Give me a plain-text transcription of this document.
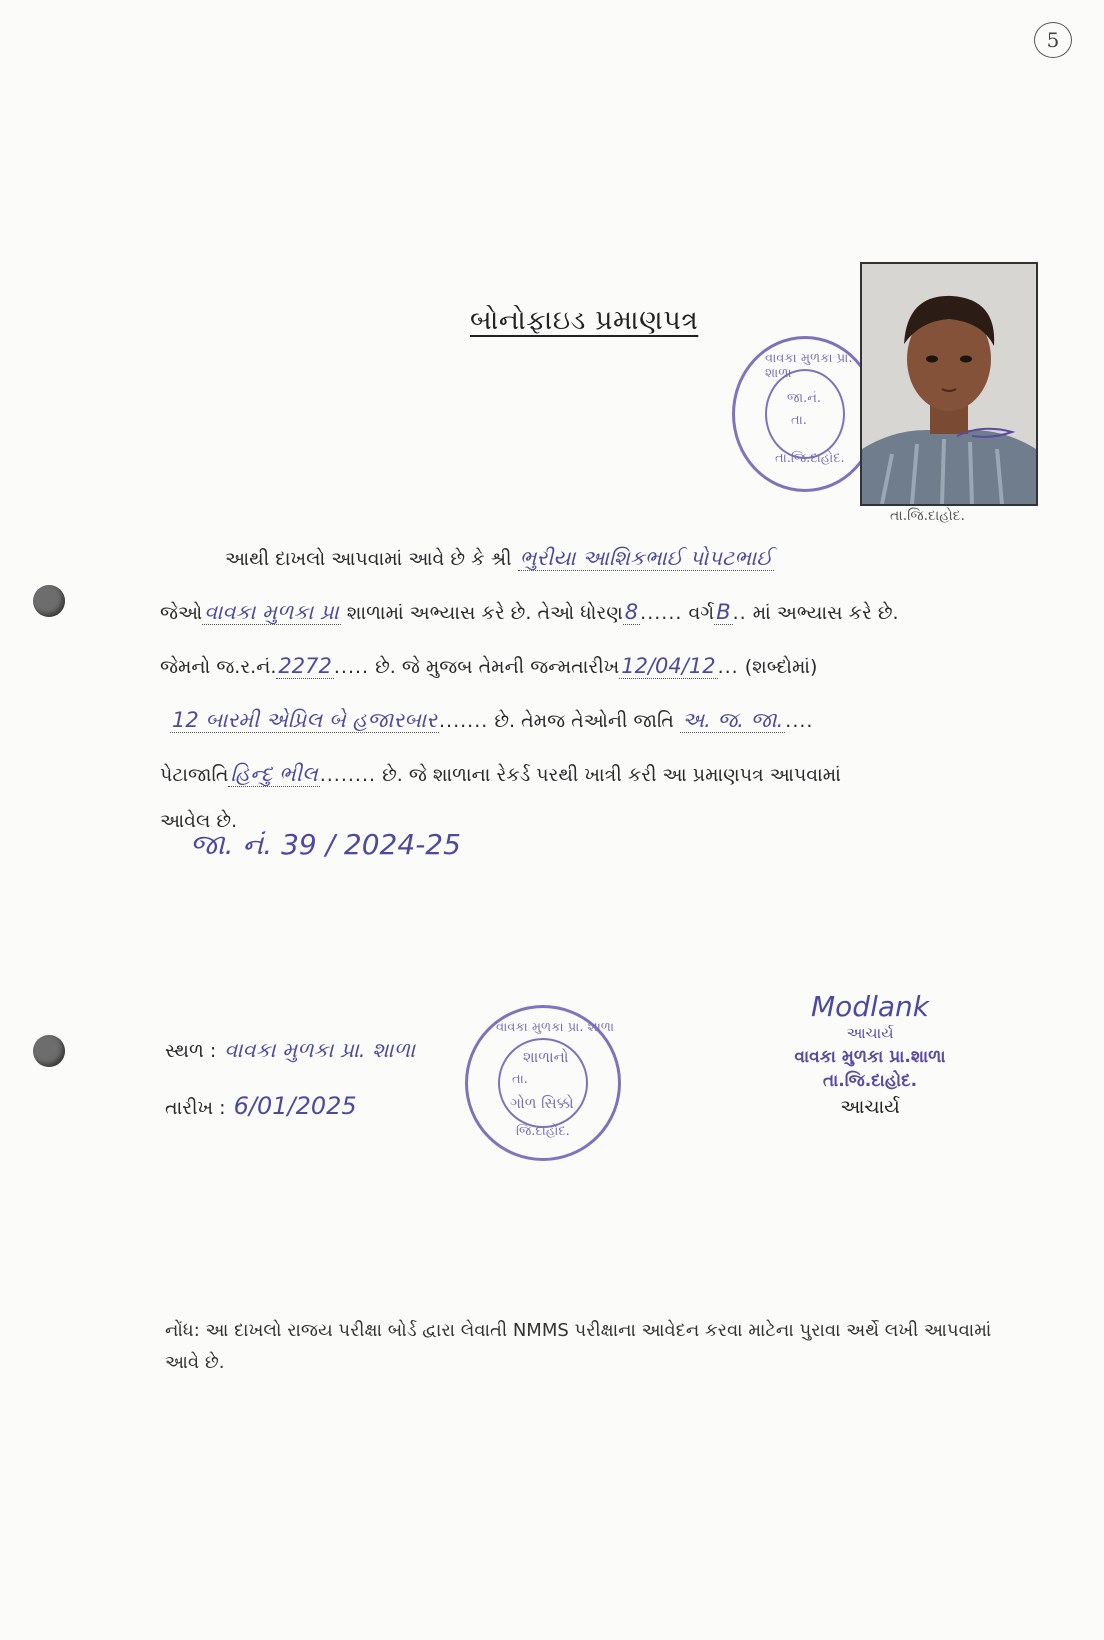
5
બોનોફાઇડ પ્રમાણપત્ર
વાવકા મુળકા પ્રા. શાળા
જા.નં.
તા.
તા.જિ.દાહોદ.
તા.જિ.દાહોદ.
આથી દાખલો આપવામાં આવે છે કે શ્રી ભુરીયા આશિકભાઈ પોપટભાઈ
જેઓવાવકા મુળકા પ્રા શાળામાં અભ્યાસ કરે છે. તેઓ ધોરણ8 ...... વર્ગB .. માં અભ્યાસ કરે છે.
જેમનો જ.ર.નં.2272 ..... છે. જે મુજબ તેમની જન્મતારીખ12/04/12 ... (શબ્દોમાં)
12 બારમી એપ્રિલ બે હજારબાર ....... છે. તેમજ તેઓની જાતિ અ. જ. જા. ....
પેટાજાતિહિન્દુ ભીલ ........ છે. જે શાળાના રેકર્ડ પરથી ખાત્રી કરી આ પ્રમાણપત્ર આપવામાં
આવેલ છે.
જા. નં. 39 / 2024-25
સ્થળ : વાવકા મુળકા પ્રા. શાળા
તારીખ : 6/01/2025
વાવકા મુળકા પ્રા. શાળા
શાળાનો
તા.
ગોળ સિક્કો
જિ.દાહોદ.
Modlank
આચાર્ય
વાવકા મુળકા પ્રા.શાળા
તા.જિ.દાહોદ.
આચાર્ય
નોંધ: આ દાખલો રાજય પરીક્ષા બોર્ડ દ્વારા લેવાતી NMMS પરીક્ષાના આવેદન કરવા માટેના પુરાવા અર્થે લખી આપવામાં આવે છે.
